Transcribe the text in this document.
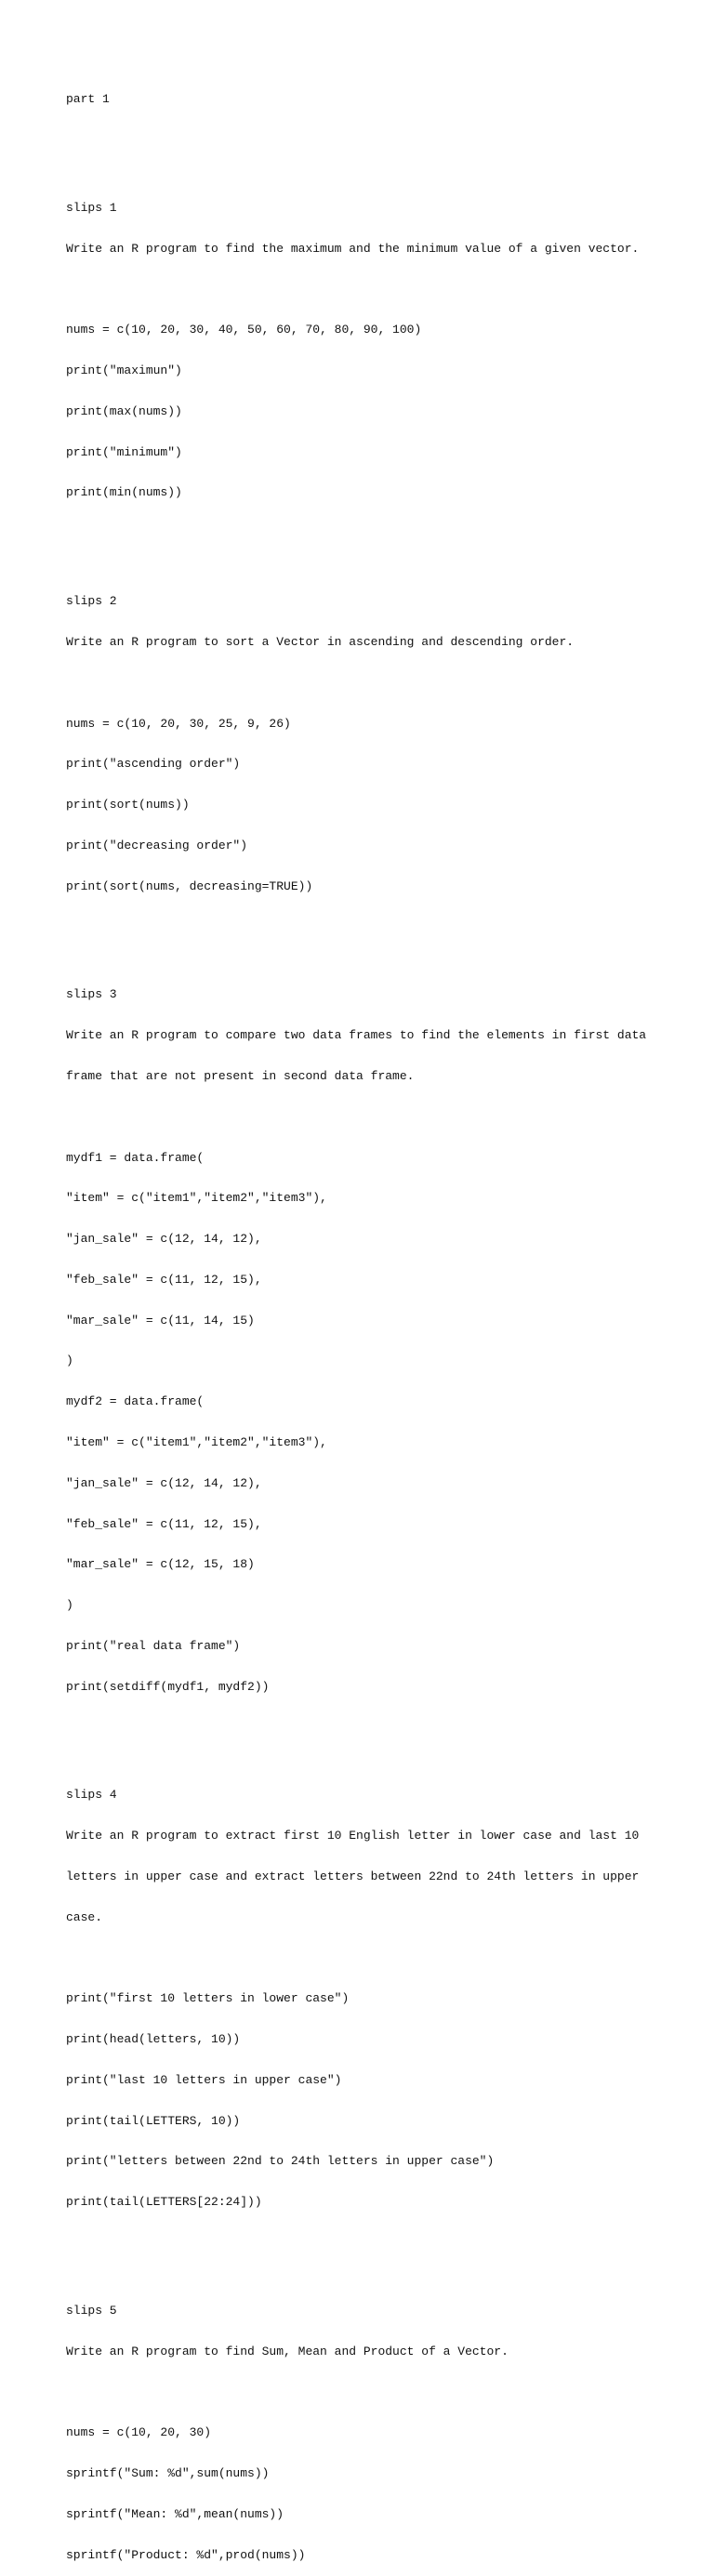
part 1

slips 1

Write an R program to find the maximum and the minimum value of a given vector.

nums = c(10, 20, 30, 40, 50, 60, 70, 80, 90, 100)

print("maximun")

print(max(nums))

print("minimum")

print(min(nums))

slips 2

Write an R program to sort a Vector in ascending and descending order.

nums = c(10, 20, 30, 25, 9, 26)

print("ascending order")

print(sort(nums))

print("decreasing order")

print(sort(nums, decreasing=TRUE))

slips 3

Write an R program to compare two data frames to find the elements in first data

frame that are not present in second data frame.

mydf1 = data.frame(

"item" = c("item1","item2","item3"),

"jan_sale" = c(12, 14, 12),

"feb_sale" = c(11, 12, 15),

"mar_sale" = c(11, 14, 15)

)

mydf2 = data.frame(

"item" = c("item1","item2","item3"),

"jan_sale" = c(12, 14, 12),

"feb_sale" = c(11, 12, 15),

"mar_sale" = c(12, 15, 18)

)

print("real data frame")

print(setdiff(mydf1, mydf2))

slips 4

Write an R program to extract first 10 English letter in lower case and last 10

letters in upper case and extract letters between 22nd to 24th letters in upper

case.

print("first 10 letters in lower case")

print(head(letters, 10))

print("last 10 letters in upper case")

print(tail(LETTERS, 10))

print("letters between 22nd to 24th letters in upper case")

print(tail(LETTERS[22:24]))

slips 5

Write an R program to find Sum, Mean and Product of a Vector.

nums = c(10, 20, 30)

sprintf("Sum: %d",sum(nums))

sprintf("Mean: %d",mean(nums))

sprintf("Product: %d",prod(nums))
